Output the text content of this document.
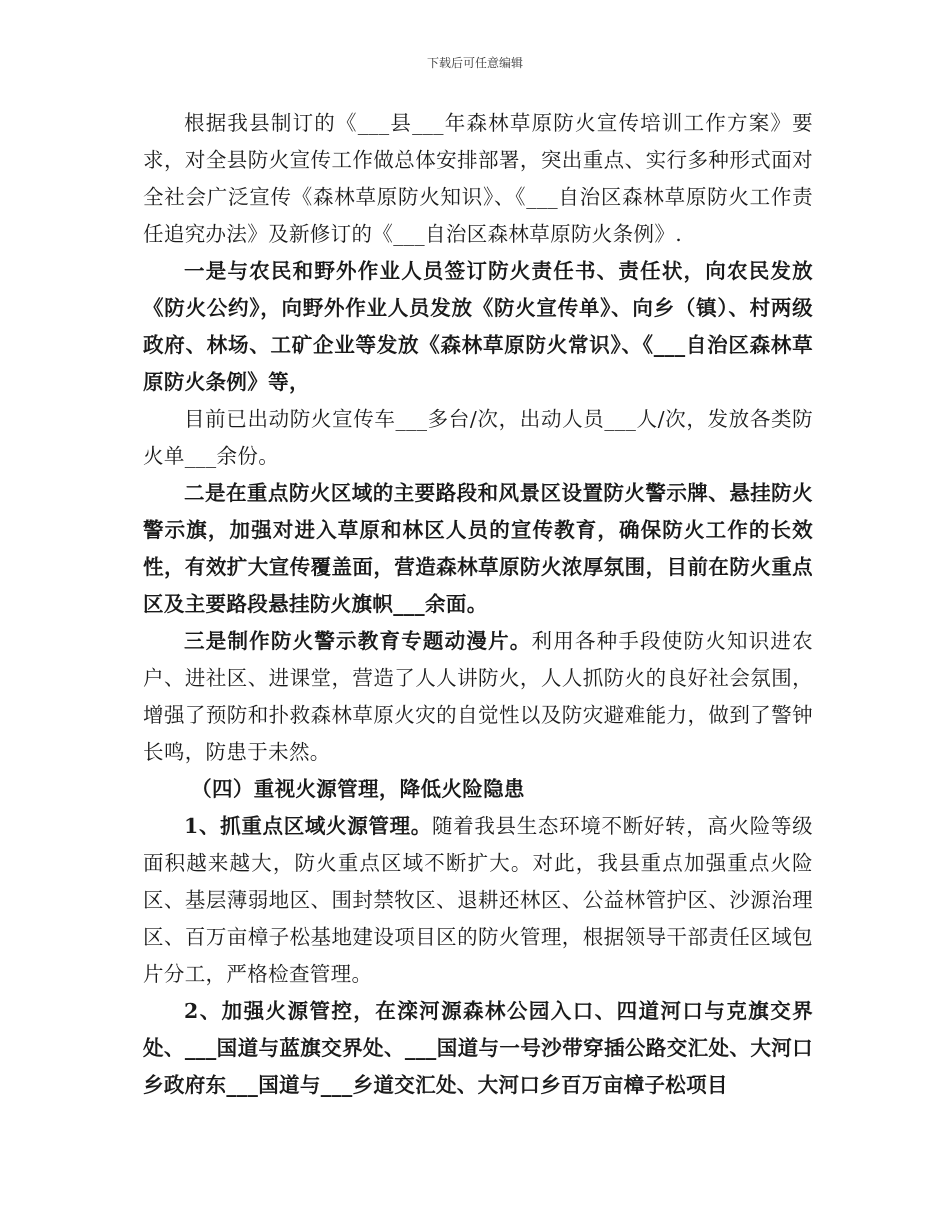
下载后可任意编辑

根据我县制订的《___县___年森林草原防火宣传培训工作方案》要求，对全县防火宣传工作做总体安排部署，突出重点、实行多种形式面对全社会广泛宣传《森林草原防火知识》、《___自治区森林草原防火工作责任追究办法》及新修订的《___自治区森林草原防火条例》.

一是与农民和野外作业人员签订防火责任书、责任状，向农民发放《防火公约》，向野外作业人员发放《防火宣传单》、向乡（镇）、村两级政府、林场、工矿企业等发放《森林草原防火常识》、《___自治区森林草原防火条例》等，

目前已出动防火宣传车___多台/次，出动人员___人/次，发放各类防火单___余份。

二是在重点防火区域的主要路段和风景区设置防火警示牌、悬挂防火警示旗，加强对进入草原和林区人员的宣传教育，确保防火工作的长效性，有效扩大宣传覆盖面，营造森林草原防火浓厚氛围，目前在防火重点区及主要路段悬挂防火旗帜___余面。

三是制作防火警示教育专题动漫片。利用各种手段使防火知识进农户、进社区、进课堂，营造了人人讲防火，人人抓防火的良好社会氛围，增强了预防和扑救森林草原火灾的自觉性以及防灾避难能力，做到了警钟长鸣，防患于未然。

（四）重视火源管理，降低火险隐患

1、抓重点区域火源管理。随着我县生态环境不断好转，高火险等级面积越来越大，防火重点区域不断扩大。对此，我县重点加强重点火险区、基层薄弱地区、围封禁牧区、退耕还林区、公益林管护区、沙源治理区、百万亩樟子松基地建设项目区的防火管理，根据领导干部责任区域包片分工，严格检查管理。

2、加强火源管控，在滦河源森林公园入口、四道河口与克旗交界处、___国道与蓝旗交界处、___国道与一号沙带穿插公路交汇处、大河口乡政府东___国道与___乡道交汇处、大河口乡百万亩樟子松项目
